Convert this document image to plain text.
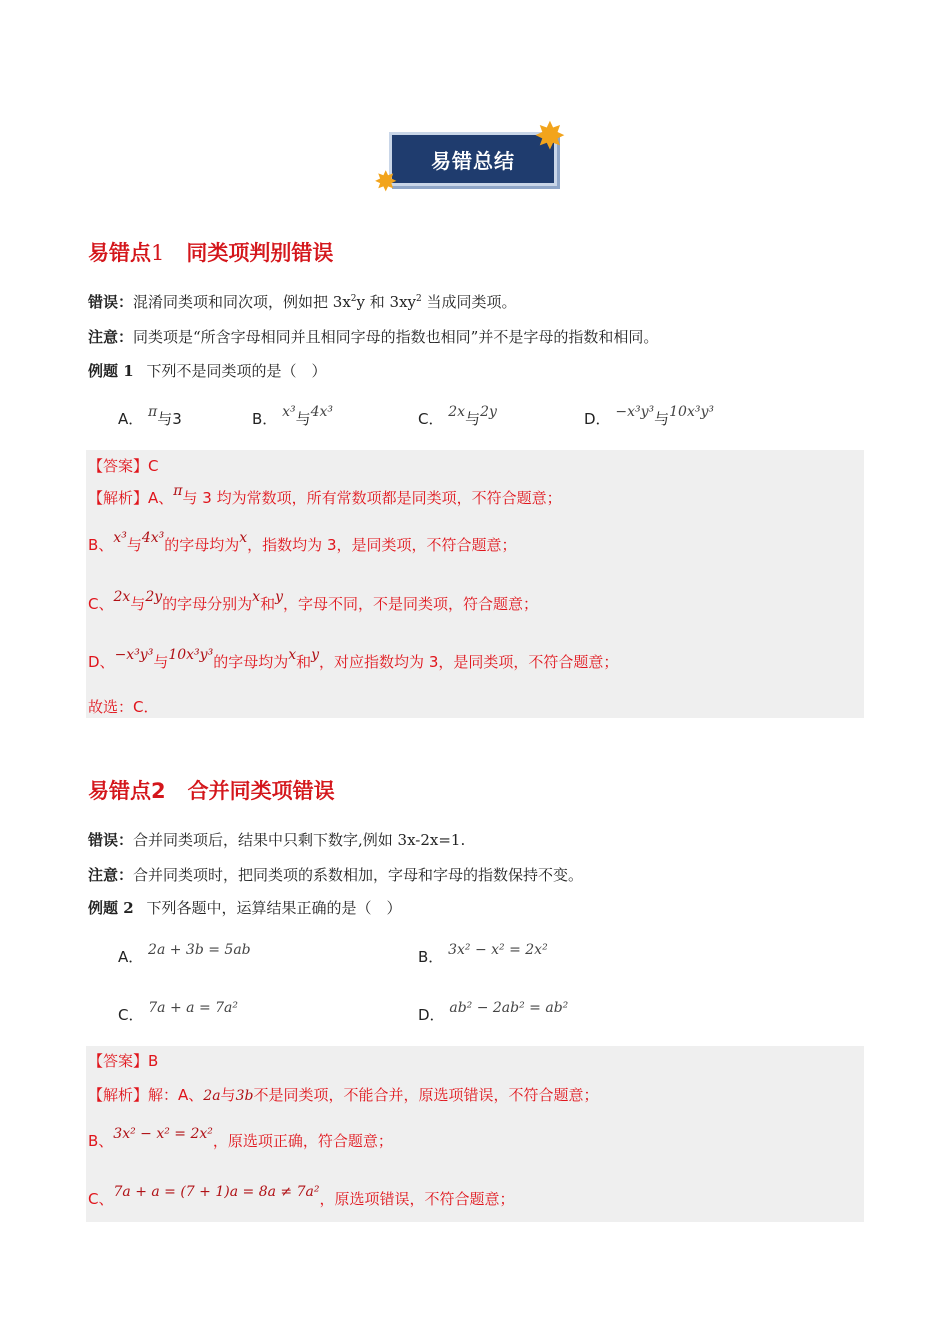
易错总结
✸
✸
易错点1 同类项判别错误
错误：混淆同类项和同次项，例如把 $3x^2y$ 和 $3xy^2$ 当成同类项。
注意：同类项是“所含字母相同并且相同字母的指数也相同”并不是字母的指数和相同。
例题 1 下列不是同类项的是（　）
A． π与3	B． x³与4x³	C． 2x与2y	D． −x³y³与10x³y³
【答案】C
【解析】A、π与 3 均为常数项，所有常数项都是同类项，不符合题意；
B、x³与4x³的字母均为x，指数均为 3，是同类项，不符合题意；
C、2x与2y的字母分别为x和y，字母不同，不是同类项，符合题意；
D、−x³y³与10x³y³的字母均为x和y，对应指数均为 3，是同类项，不符合题意；
故选：C．
易错点2 合并同类项错误
错误：合并同类项后，结果中只剩下数字,例如 3x-2x=1.
注意：合并同类项时，把同类项的系数相加，字母和字母的指数保持不变。
例题 2 下列各题中，运算结果正确的是（　）
A． 2a + 3b = 5ab	B． 3x² − x² = 2x²
C． 7a + a = 7a²	D． ab² − 2ab² = ab²
【答案】B
【解析】解：A、2a与3b不是同类项，不能合并，原选项错误，不符合题意；
B、3x² − x² = 2x²，原选项正确，符合题意；
C、7a + a = (7 + 1)a = 8a ≠ 7a²，原选项错误，不符合题意；
